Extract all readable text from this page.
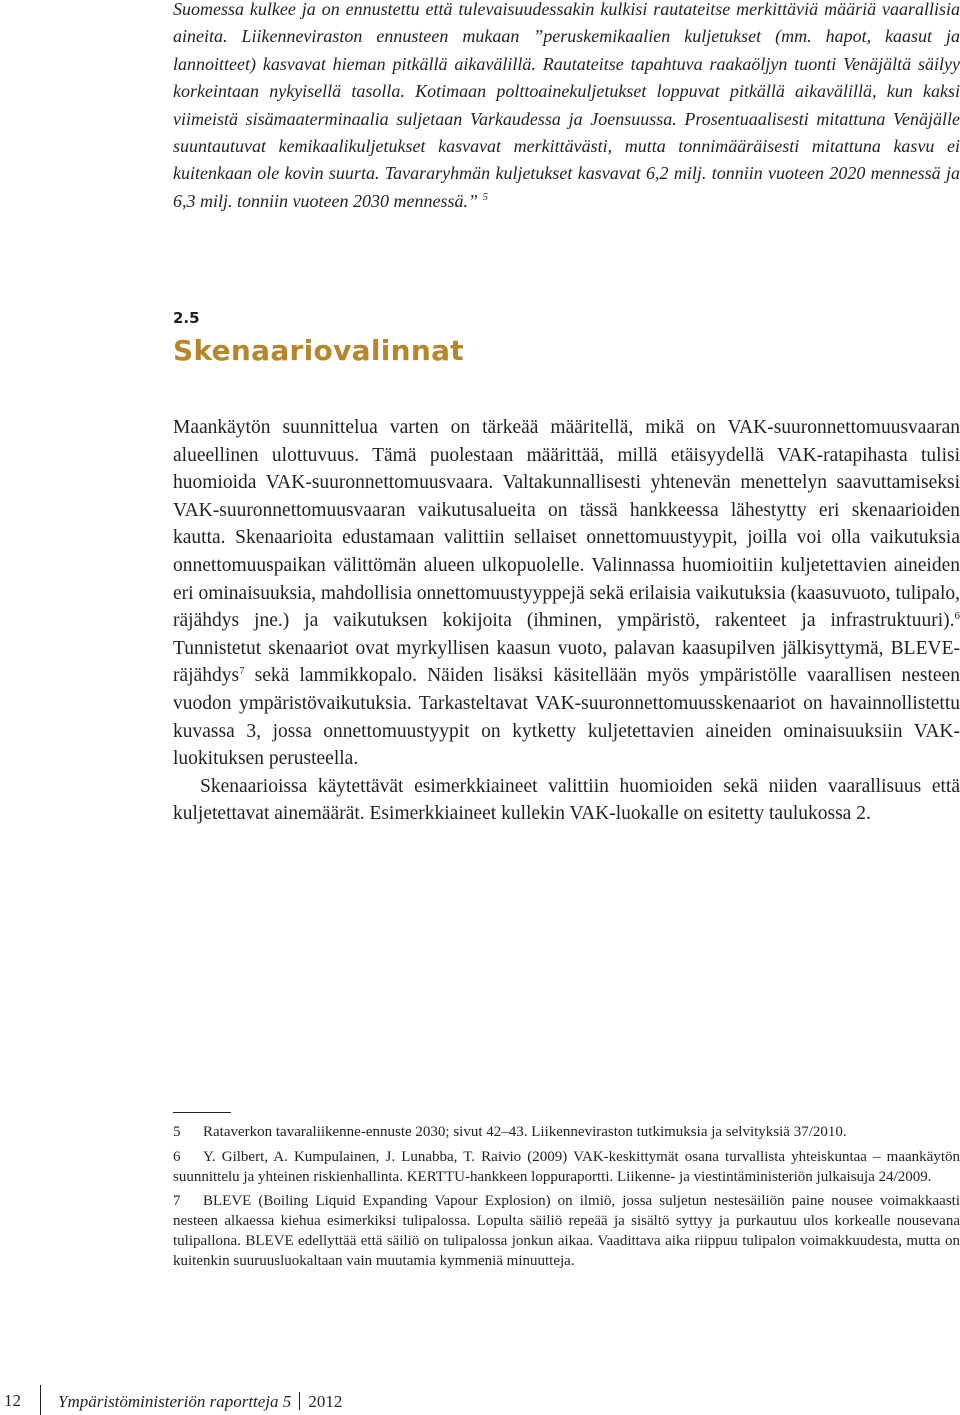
Suomessa kulkee ja on ennustettu että tulevaisuudessakin kulkisi rautateitse merkittäviä määriä vaarallisia aineita. Liikenneviraston ennusteen mukaan ”peruskemikaalien kuljetukset (mm. hapot, kaasut ja lannoitteet) kasvavat hieman pitkällä aikavälillä. Rautateitse tapahtuva raakaöljyn tuonti Venäjältä säilyy korkeintaan nykyisellä tasolla. Kotimaan polttoainekuljetukset loppuvat pitkällä aikavälillä, kun kaksi viimeistä sisämaaterminaalia suljetaan Varkaudessa ja Joensuussa. Prosentuaalisesti mitattuna Venäjälle suuntautuvat kemikaalikuljetukset kasvavat merkittävästi, mutta tonnimääräisesti mitattuna kasvu ei kuitenkaan ole kovin suurta. Tavararyhmän kuljetukset kasvavat 6,2 milj. tonniin vuoteen 2020 mennessä ja 6,3 milj. tonniin vuoteen 2030 mennessä.” $^5$
2.5
Skenaariovalinnat

Maankäytön suunnittelua varten on tärkeää määritellä, mikä on VAK-suuronnettomuusvaaran alueellinen ulottuvuus. Tämä puolestaan määrittää, millä etäisyydellä VAK-ratapihasta tulisi huomioida VAK-suuronnettomuusvaara. Valtakunnallisesti yhtenevän menettelyn saavuttamiseksi VAK-suuronnettomuusvaaran vaikutusalueita on tässä hankkeessa lähestytty eri skenaarioiden kautta. Skenaarioita edustamaan valittiin sellaiset onnettomuustyypit, joilla voi olla vaikutuksia onnettomuuspaikan välittömän alueen ulkopuolelle. Valinnassa huomioitiin kuljetettavien aineiden eri ominaisuuksia, mahdollisia onnettomuustyyppejä sekä erilaisia vaikutuksia (kaasuvuoto, tulipalo, räjähdys jne.) ja vaikutuksen kokijoita (ihminen, ympäristö, rakenteet ja infrastruktuuri).$^6$ Tunnistetut skenaariot ovat myrkyllisen kaasun vuoto, palavan kaasupilven jälkisyttymä, BLEVE-räjähdys$^7$ sekä lammikkopalo. Näiden lisäksi käsitellään myös ympäristölle vaarallisen nesteen vuodon ympäristövaikutuksia. Tarkasteltavat VAK-suuronnettomuusskenaariot on havainnollistettu kuvassa 3, jossa onnettomuustyypit on kytketty kuljetettavien aineiden ominaisuuksiin VAK-luokituksen perusteella.

Skenaarioissa käytettävät esimerkkiaineet valittiin huomioiden sekä niiden vaarallisuus että kuljetettavat ainemäärät. Esimerkkiaineet kullekin VAK-luokalle on esitetty taulukossa 2.

5 Rataverkon tavaraliikenne-ennuste 2030; sivut 42–43. Liikenneviraston tutkimuksia ja selvityksiä 37/2010.

6 Y. Gilbert, A. Kumpulainen, J. Lunabba, T. Raivio (2009) VAK-keskittymät osana turvallista yhteiskuntaa – maankäytön suunnittelu ja yhteinen riskienhallinta. KERTTU-hankkeen loppuraportti. Liikenne- ja viestintäministeriön julkaisuja 24/2009.

7 BLEVE (Boiling Liquid Expanding Vapour Explosion) on ilmiö, jossa suljetun nestesäiliön paine nousee voimakkaasti nesteen alkaessa kiehua esimerkiksi tulipalossa. Lopulta säiliö repeää ja sisältö syttyy ja purkautuu ulos korkealle nousevana tulipallona. BLEVE edellyttää että säiliö on tulipalossa jonkun aikaa. Vaadittava aika riippuu tulipalon voimakkuudesta, mutta on kuitenkin suuruusluokaltaan vain muutamia kymmeniä minuutteja.

12 Ympäristöministeriön raportteja 5 2012
